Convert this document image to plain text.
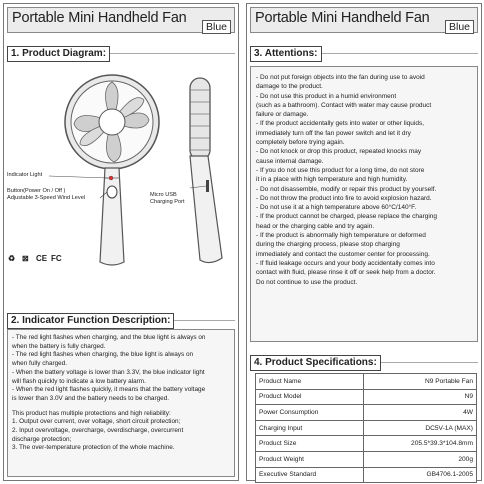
Portable Mini Handheld Fan
Blue
1. Product Diagram:
Indicator Light
Button(Power On / Off )
Adjustable 3-Speed Wind Level	Micro USB
Charging Port
♻ ⊠ CE FC
2. Indicator Function Description:
- The red light flashes when charging, and the blue light is always on
when the battery is fully charged.
- The red light flashes when charging, the blue light is always on
when fully charged.
- When the battery voltage is lower than 3.3V, the blue indicator light
will flash quickly to indicate a low battery alarm.
- When the red light flashes quickly, it means that the battery voltage
is lower than 3.0V and the battery needs to be charged.
This product has multiple protections and high reliability:
1. Output over current, over voltage, short circuit protection;
2. Input overvoltage, overcharge, overdischarge, overcurrent
discharge protection;
3. The over-temperature protection of the whole machine.
Portable Mini Handheld Fan
Blue
3. Attentions:
- Do not put foreign objects into the fan during use to avoid
damage to the product.
- Do not use this product in a humid environment
(such as a bathroom). Contact with water may cause product
failure or damage.
- If the product accidentally gets into water or other liquids,
immediately turn off the fan power switch and let it dry
completely before trying again.
- Do not knock or drop this product, repeated knocks may
cause internal damage.
- If you do not use this product for a long time, do not store
it in a place with high temperature and high humidity.
- Do not disassemble, modify or repair this product by yourself.
- Do not throw the product into fire to avoid explosion hazard.
- Do not use it at a high temperature above 60°C/140°F.
- If the product cannot be charged, please replace the charging
head or the charging cable and try again.
- If the product is abnormally high temperature or deformed
during the charging process, please stop charging
immediately and contact the customer center for processing.
- If fluid leakage occurs and your body accidentally comes into
contact with fluid, please rinse it off or seek help from a doctor.
Do not continue to use the product.
4. Product Specifications:
Product Name	N9 Portable Fan
Product Model	N9
Power Consumption	4W
Charging Input	DC5V-1A (MAX)
Product Size	205.5*39.3*104.8mm
Product Weight	200g
Executive Standard	GB4706.1-2005
